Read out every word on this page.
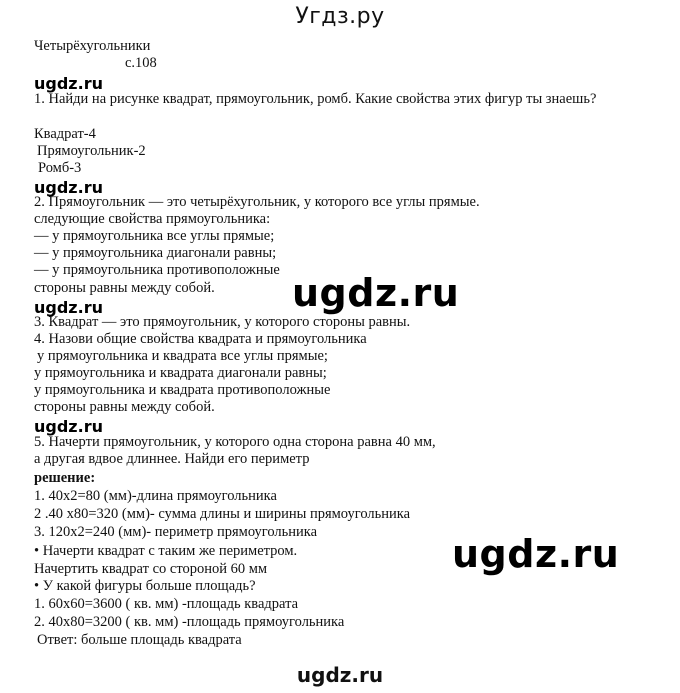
Угдз.ру
Четырёхугольники
с.108
ugdz.ru
1. Найди на рисунке квадрат, прямоугольник, ромб. Какие свойства этих фигур ты знаешь?
Квадрат-4
Прямоугольник-2
Ромб-3
ugdz.ru
2. Прямоугольник — это четырёхугольник, у которого все углы прямые.
следующие свойства прямоугольника:
— у прямоугольника все углы прямые;
— у прямоугольника диагонали равны;
— у прямоугольника противоположные
стороны равны между собой. ugdz.ru
ugdz.ru
3. Квадрат — это прямоугольник, у которого стороны равны.
4. Назови общие свойства квадрата и прямоугольника
у прямоугольника и квадрата все углы прямые;
у прямоугольника и квадрата диагонали равны;
у прямоугольника и квадрата противоположные
стороны равны между собой.
ugdz.ru
5. Начерти прямоугольник, у которого одна сторона равна 40 мм,
а другая вдвое длиннее. Найди его периметр
решение:
1. 40х2=80 (мм)-длина прямоугольника
2 .40 х80=320 (мм)- сумма длины и ширины прямоугольника
3. 120х2=240 (мм)- периметр прямоугольника
• Начерти квадрат с таким же периметром.
Начертить квадрат со стороной 60 мм
• У какой фигуры больше площадь?
1. 60х60=3600 ( кв. мм) -площадь квадрата
2. 40х80=3200 ( кв. мм) -площадь прямоугольника
Ответ: больше площадь квадрата
ugdz.ru
ugdz.ru
